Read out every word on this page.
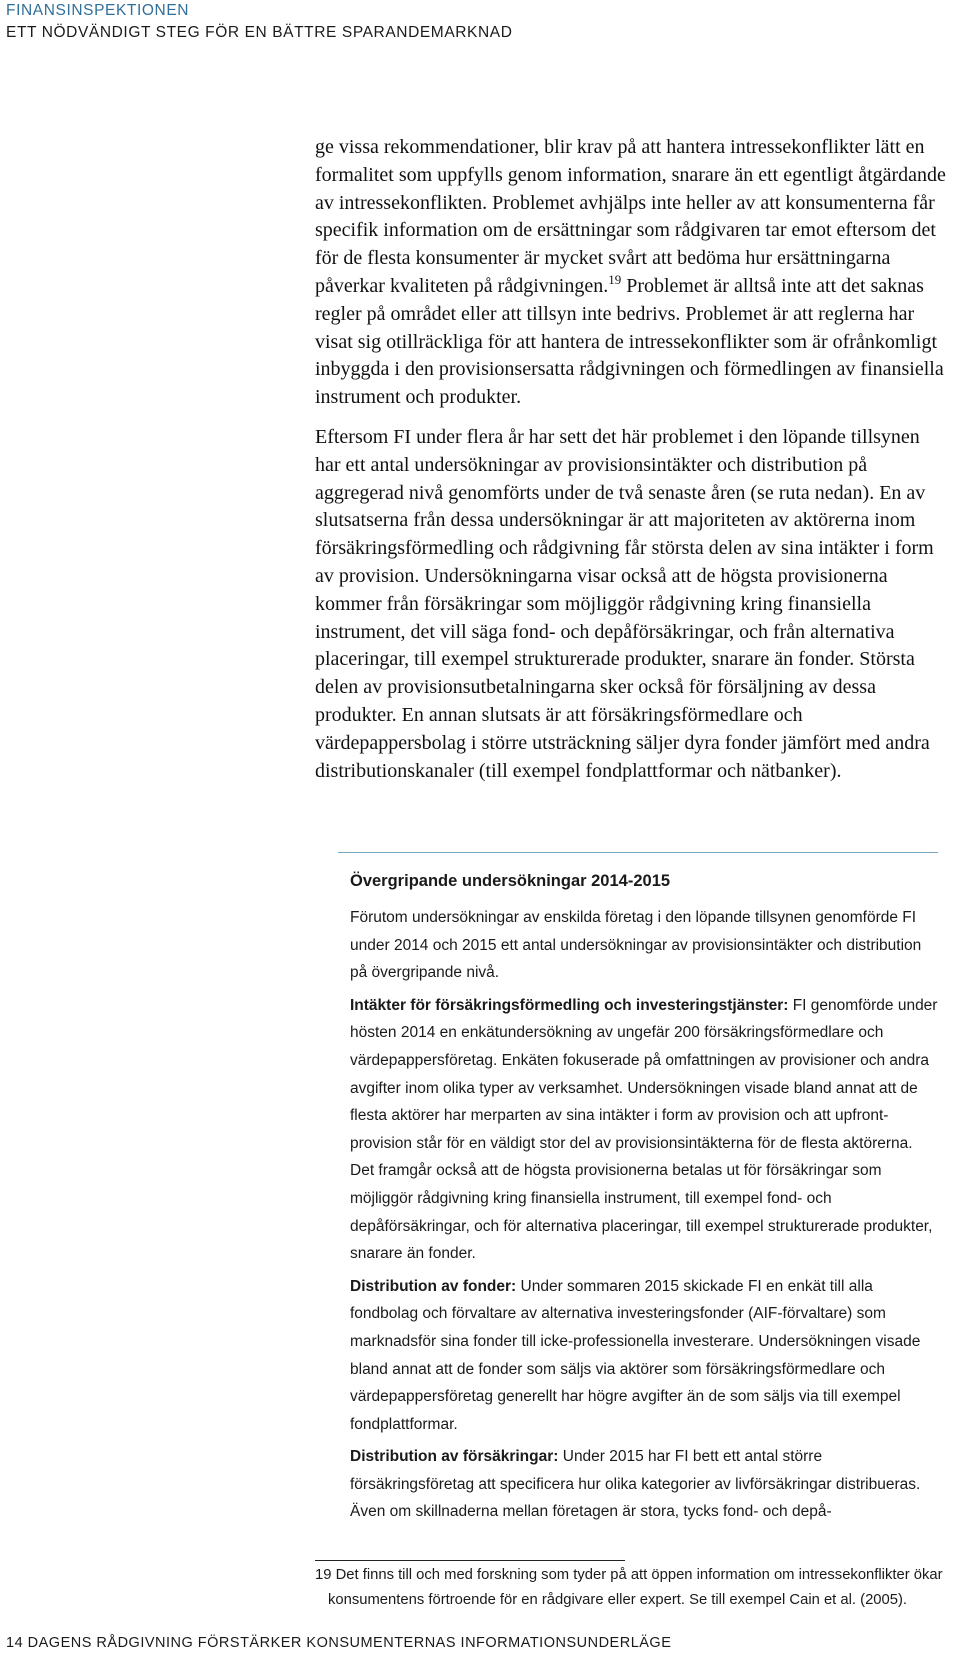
FINANSINSPEKTIONEN
ETT NÖDVÄNDIGT STEG FÖR EN BÄTTRE SPARANDEMARKNAD

ge vissa rekommendationer, blir krav på att hantera intressekonflikter lätt en formalitet som uppfylls genom information, snarare än ett egentligt åtgärdande av intressekonflikten. Problemet avhjälps inte heller av att konsumenterna får specifik information om de ersättningar som rådgivaren tar emot eftersom det för de flesta konsumenter är mycket svårt att bedöma hur ersättningarna påverkar kvaliteten på rådgivningen.$^{19}$ Problemet är alltså inte att det saknas regler på området eller att tillsyn inte bedrivs. Problemet är att reglerna har visat sig otillräckliga för att hantera de intressekonflikter som är ofrånkomligt inbyggda i den provisionsersatta rådgivningen och förmedlingen av finansiella instrument och produkter.

Eftersom FI under flera år har sett det här problemet i den löpande tillsynen har ett antal undersökningar av provisionsintäkter och distribution på aggregerad nivå genomförts under de två senaste åren (se ruta nedan). En av slutsatserna från dessa undersökningar är att majoriteten av aktörerna inom försäkringsförmedling och rådgivning får största delen av sina intäkter i form av provision. Undersökningarna visar också att de högsta provisionerna kommer från försäkringar som möjliggör rådgivning kring finansiella instrument, det vill säga fond- och depåförsäkringar, och från alternativa placeringar, till exempel strukturerade produkter, snarare än fonder. Största delen av provisionsutbetalningarna sker också för försäljning av dessa produkter. En annan slutsats är att försäkringsförmedlare och värdepappersbolag i större utsträckning säljer dyra fonder jämfört med andra distributionskanaler (till exempel fondplattformar och nätbanker).

Övergripande undersökningar 2014-2015

Förutom undersökningar av enskilda företag i den löpande tillsynen genomförde FI under 2014 och 2015 ett antal undersökningar av provisionsintäkter och distribution på övergripande nivå.

Intäkter för försäkringsförmedling och investeringstjänster: FI genomförde under hösten 2014 en enkätundersökning av ungefär 200 försäkringsförmedlare och värdepappersföretag. Enkäten fokuserade på omfattningen av provisioner och andra avgifter inom olika typer av verksamhet. Undersökningen visade bland annat att de flesta aktörer har merparten av sina intäkter i form av provision och att upfront-provision står för en väldigt stor del av provisionsintäkterna för de flesta aktörerna. Det framgår också att de högsta provisionerna betalas ut för försäkringar som möjliggör rådgivning kring finansiella instrument, till exempel fond- och depåförsäkringar, och för alternativa placeringar, till exempel strukturerade produkter, snarare än fonder.

Distribution av fonder: Under sommaren 2015 skickade FI en enkät till alla fondbolag och förvaltare av alternativa investeringsfonder (AIF-förvaltare) som marknadsför sina fonder till icke-professionella investerare. Undersökningen visade bland annat att de fonder som säljs via aktörer som försäkringsförmedlare och värdepappersföretag generellt har högre avgifter än de som säljs via till exempel fondplattformar.

Distribution av försäkringar: Under 2015 har FI bett ett antal större försäkringsföretag att specificera hur olika kategorier av livförsäkringar distribueras. Även om skillnaderna mellan företagen är stora, tycks fond- och depå-

19 Det finns till och med forskning som tyder på att öppen information om intressekonflikter ökar
konsumentens förtroende för en rådgivare eller expert. Se till exempel Cain et al. (2005).
14 DAGENS RÅDGIVNING FÖRSTÄRKER KONSUMENTERNAS INFORMATIONSUNDERLÄGE
